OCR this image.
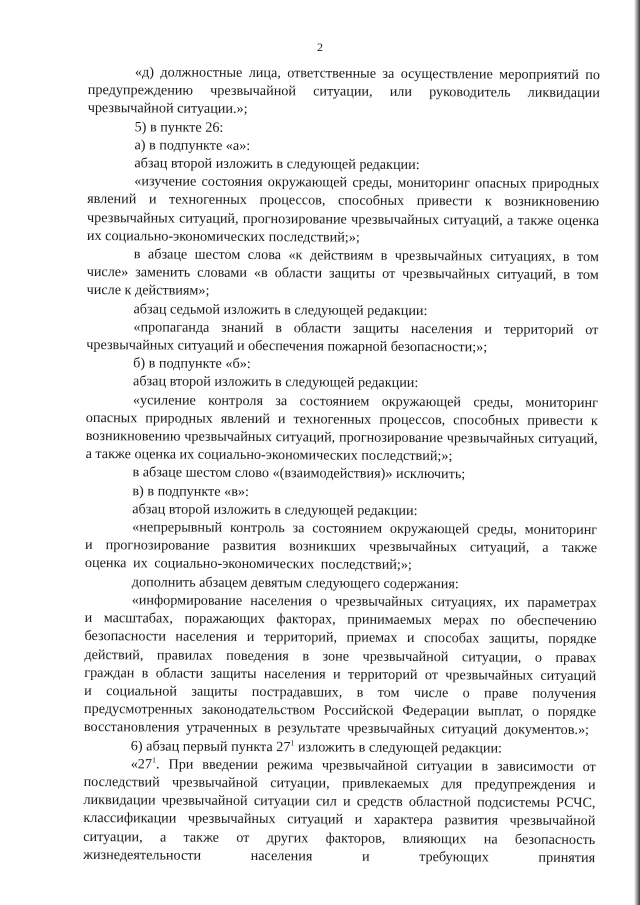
2

«д) должностные лица, ответственные за осуществление мероприятий по предупреждению чрезвычайной ситуации, или руководитель ликвидации чрезвычайной ситуации.»;

5) в пункте 26:

а) в подпункте «а»:

абзац второй изложить в следующей редакции:

«изучение состояния окружающей среды, мониторинг опасных природных явлений и техногенных процессов, способных привести к возникновению чрезвычайных ситуаций, прогнозирование чрезвычайных ситуаций, а также оценка их социально-экономических последствий;»;

в абзаце шестом слова «к действиям в чрезвычайных ситуациях, в том числе» заменить словами «в области защиты от чрезвычайных ситуаций, в том числе к действиям»;

абзац седьмой изложить в следующей редакции:

«пропаганда знаний в области защиты населения и территорий от чрезвычайных ситуаций и обеспечения пожарной безопасности;»;

б) в подпункте «б»:

абзац второй изложить в следующей редакции:

«усиление контроля за состоянием окружающей среды, мониторинг опасных природных явлений и техногенных процессов, способных привести к возникновению чрезвычайных ситуаций, прогнозирование чрезвычайных ситуаций, а также оценка их социально-экономических последствий;»;

в абзаце шестом слово «(взаимодействия)» исключить;

в) в подпункте «в»:

абзац второй изложить в следующей редакции:

«непрерывный контроль за состоянием окружающей среды, мониторинг и прогнозирование развития возникших чрезвычайных ситуаций, а также оценка их социально-экономических последствий;»;

дополнить абзацем девятым следующего содержания:

«информирование населения о чрезвычайных ситуациях, их параметрах и масштабах, поражающих факторах, принимаемых мерах по обеспечению безопасности населения и территорий, приемах и способах защиты, порядке действий, правилах поведения в зоне чрезвычайной ситуации, о правах граждан в области защиты населения и территорий от чрезвычайных ситуаций и социальной защиты пострадавших, в том числе о праве получения предусмотренных законодательством Российской Федерации выплат, о порядке восстановления утраченных в результате чрезвычайных ситуаций документов.»;

6) абзац первый пункта $27^1$ изложить в следующей редакции:

«$27^1$. При введении режима чрезвычайной ситуации в зависимости от последствий чрезвычайной ситуации, привлекаемых для предупреждения и ликвидации чрезвычайной ситуации сил и средств областной подсистемы РСЧС, классификации чрезвычайных ситуаций и характера развития чрезвычайной ситуации, а также от других факторов, влияющих на безопасность жизнедеятельности населения и требующих принятия
